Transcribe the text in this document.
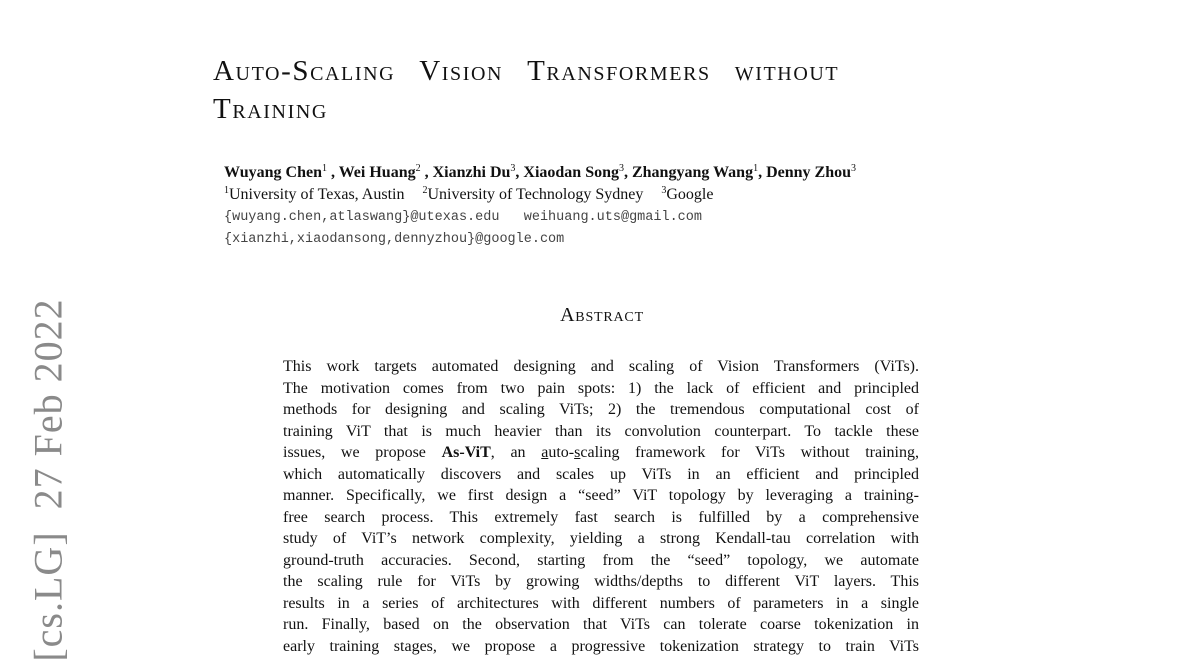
[cs.LG]27 Feb 2022
Auto-Scaling Vision Transformers without
Training
Wuyang Chen$^1$ , Wei Huang$^2$ , Xianzhi Du$^3$, Xiaodan Song$^3$, Zhangyang Wang$^1$, Denny Zhou$^3$
$^1$University of Texas, Austin $^2$University of Technology Sydney $^3$Google
{wuyang.chen,atlaswang}@utexas.edu   weihuang.uts@gmail.com
{xianzhi,xiaodansong,dennyzhou}@google.com
Abstract
This work targets automated designing and scaling of Vision Transformers (ViTs).
The motivation comes from two pain spots: 1) the lack of efficient and principled
methods for designing and scaling ViTs; 2) the tremendous computational cost of
training ViT that is much heavier than its convolution counterpart. To tackle these
issues, we propose As-ViT, an auto-scaling framework for ViTs without training,
which automatically discovers and scales up ViTs in an efficient and principled
manner. Specifically, we first design a “seed” ViT topology by leveraging a training-
free search process. This extremely fast search is fulfilled by a comprehensive
study of ViT’s network complexity, yielding a strong Kendall-tau correlation with
ground-truth accuracies. Second, starting from the “seed” topology, we automate
the scaling rule for ViTs by growing widths/depths to different ViT layers. This
results in a series of architectures with different numbers of parameters in a single
run. Finally, based on the observation that ViTs can tolerate coarse tokenization in
early training stages, we propose a progressive tokenization strategy to train ViTs
